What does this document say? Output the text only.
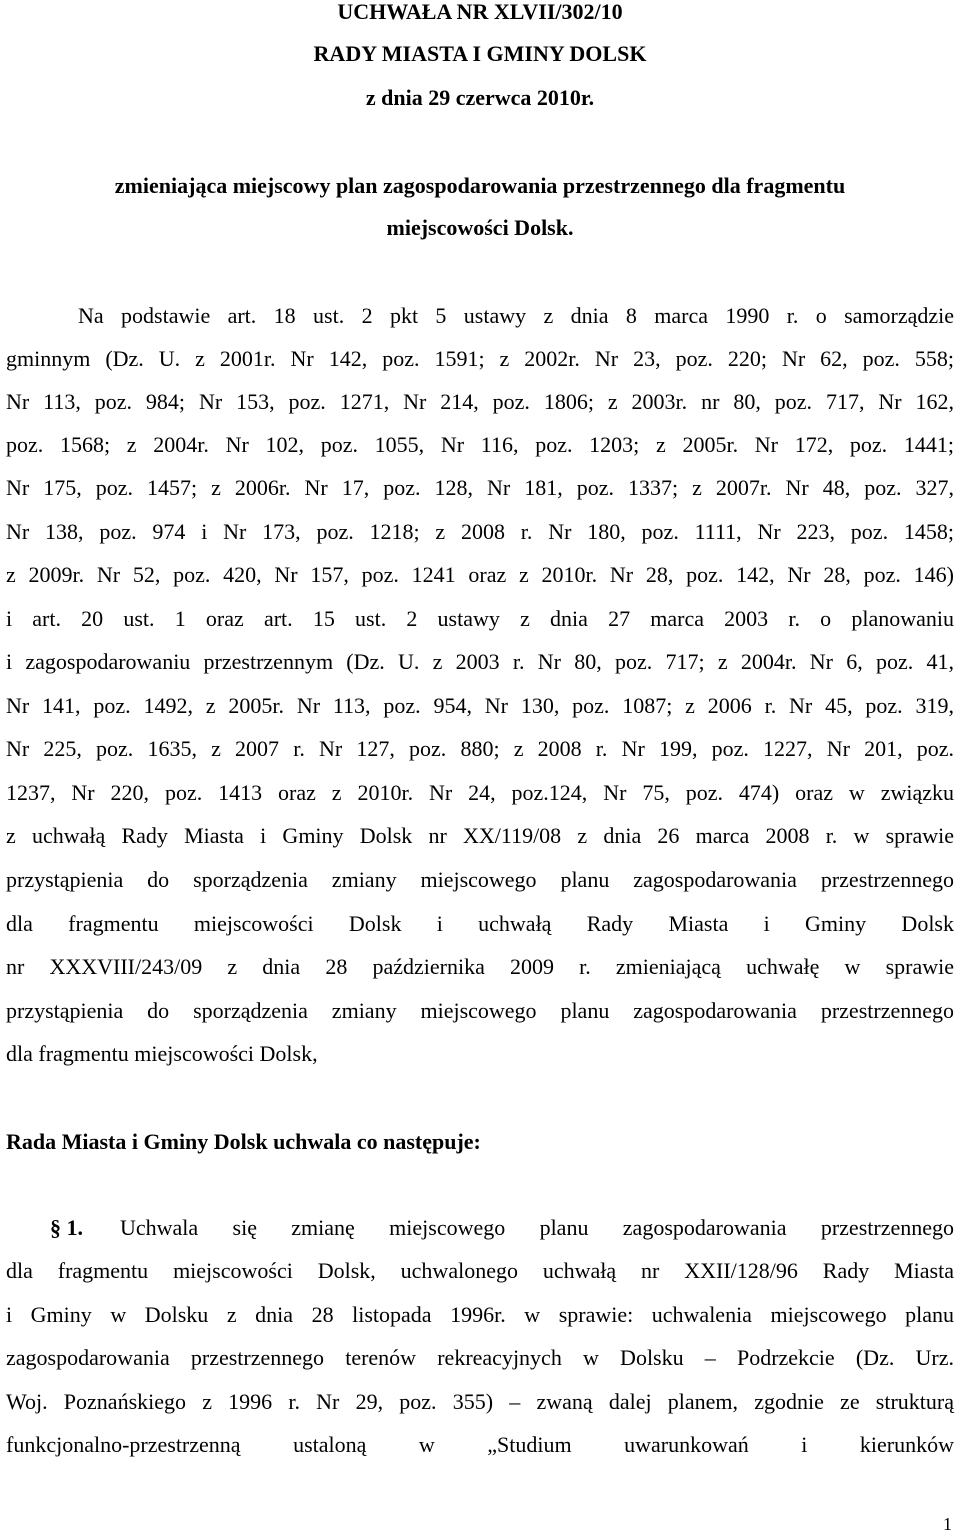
UCHWAŁA NR XLVII/302/10
RADY MIASTA I GMINY DOLSK
z dnia 29 czerwca 2010r.
zmieniająca miejscowy plan zagospodarowania przestrzennego dla fragmentu
miejscowości Dolsk.
Na podstawie art. 18 ust. 2 pkt 5 ustawy z dnia 8 marca 1990 r. o samorządzie
gminnym (Dz. U. z 2001r. Nr 142, poz. 1591; z 2002r. Nr 23, poz. 220; Nr 62, poz. 558;
Nr 113, poz. 984; Nr 153, poz. 1271, Nr 214, poz. 1806; z 2003r. nr 80, poz. 717, Nr 162,
poz. 1568; z 2004r. Nr 102, poz. 1055, Nr 116, poz. 1203; z 2005r. Nr 172, poz. 1441;
Nr 175, poz. 1457; z 2006r. Nr 17, poz. 128, Nr 181, poz. 1337; z 2007r. Nr 48, poz. 327,
Nr 138, poz. 974 i Nr 173, poz. 1218; z 2008 r. Nr 180, poz. 1111, Nr 223, poz. 1458;
z 2009r. Nr 52, poz. 420, Nr 157, poz. 1241 oraz z 2010r. Nr 28, poz. 142, Nr 28, poz. 146)
i art. 20 ust. 1 oraz art. 15 ust. 2 ustawy z dnia 27 marca 2003 r. o planowaniu
i zagospodarowaniu przestrzennym (Dz. U. z 2003 r. Nr 80, poz. 717; z 2004r. Nr 6, poz. 41,
Nr 141, poz. 1492, z 2005r. Nr 113, poz. 954, Nr 130, poz. 1087; z 2006 r. Nr 45, poz. 319,
Nr 225, poz. 1635, z 2007 r. Nr 127, poz. 880; z 2008 r. Nr 199, poz. 1227, Nr 201, poz.
1237, Nr 220, poz. 1413 oraz z 2010r. Nr 24, poz.124, Nr 75, poz. 474) oraz w związku
z uchwałą Rady Miasta i Gminy Dolsk nr XX/119/08 z dnia 26 marca 2008 r. w sprawie
przystąpienia do sporządzenia zmiany miejscowego planu zagospodarowania przestrzennego
dla fragmentu miejscowości Dolsk i uchwałą Rady Miasta i Gminy Dolsk
nr XXXVIII/243/09 z dnia 28 października 2009 r. zmieniającą uchwałę w sprawie
przystąpienia do sporządzenia zmiany miejscowego planu zagospodarowania przestrzennego
dla fragmentu miejscowości Dolsk,
Rada Miasta i Gminy Dolsk uchwala co następuje:
§ 1. Uchwala się zmianę miejscowego planu zagospodarowania przestrzennego
dla fragmentu miejscowości Dolsk, uchwalonego uchwałą nr XXII/128/96 Rady Miasta
i Gminy w Dolsku z dnia 28 listopada 1996r. w sprawie: uchwalenia miejscowego planu
zagospodarowania przestrzennego terenów rekreacyjnych w Dolsku – Podrzekcie (Dz. Urz.
Woj. Poznańskiego z 1996 r. Nr 29, poz. 355) – zwaną dalej planem, zgodnie ze strukturą
funkcjonalno-przestrzenną ustaloną w „Studium uwarunkowań i kierunków
1
